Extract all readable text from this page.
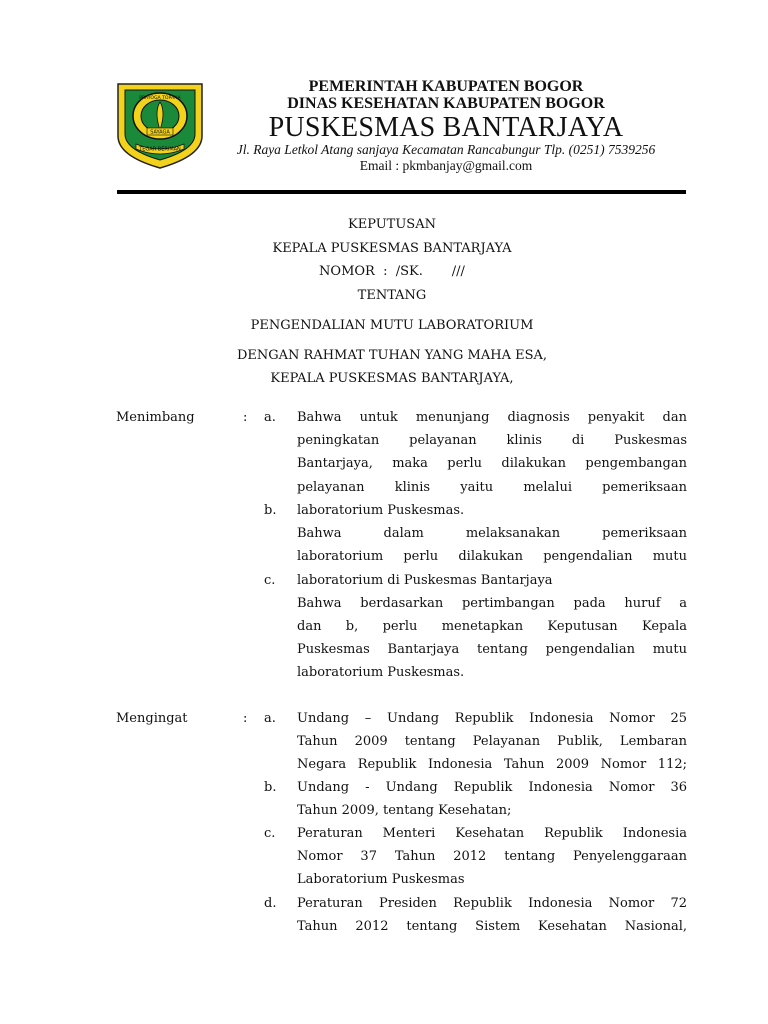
SAYAGA
PRAYOGA TOPANA
TEGAR BERIMAN
PEMERINTAH KABUPATEN BOGOR
DINAS KESEHATAN KABUPATEN BOGOR
PUSKESMAS BANTARJAYA
Jl. Raya Letkol Atang sanjaya Kecamatan Rancabungur Tlp. (0251) 7539256
Email : pkmbanjay@gmail.com
KEPUTUSAN
KEPALA PUSKESMAS BANTARJAYA
NOMOR  :  /SK.       ///
TENTANG
PENGENDALIAN MUTU LABORATORIUM
DENGAN RAHMAT TUHAN YANG MAHA ESA,
KEPALA PUSKESMAS BANTARJAYA,
Menimbang	: a.
b.
c.
Bahwa untuk menunjang diagnosis penyakit dan
peningkatan pelayanan klinis di Puskesmas
Bantarjaya, maka perlu dilakukan pengembangan
pelayanan klinis yaitu melalui pemeriksaan
laboratorium Puskesmas.
Bahwa dalam melaksanakan pemeriksaan
laboratorium perlu dilakukan pengendalian mutu
laboratorium di Puskesmas Bantarjaya
Bahwa berdasarkan pertimbangan pada huruf a
dan b, perlu menetapkan Keputusan Kepala
Puskesmas Bantarjaya tentang pengendalian mutu
laboratorium Puskesmas.
Mengingat	: a.
b.
c.
d.
Undang – Undang Republik Indonesia Nomor 25
Tahun 2009 tentang Pelayanan Publik, Lembaran
Negara Republik Indonesia Tahun 2009 Nomor 112;
Undang - Undang Republik Indonesia Nomor 36
Tahun 2009, tentang Kesehatan;
Peraturan Menteri Kesehatan Republik Indonesia
Nomor 37 Tahun 2012 tentang Penyelenggaraan
Laboratorium Puskesmas
Peraturan Presiden Republik Indonesia Nomor 72
Tahun 2012 tentang Sistem Kesehatan Nasional,
